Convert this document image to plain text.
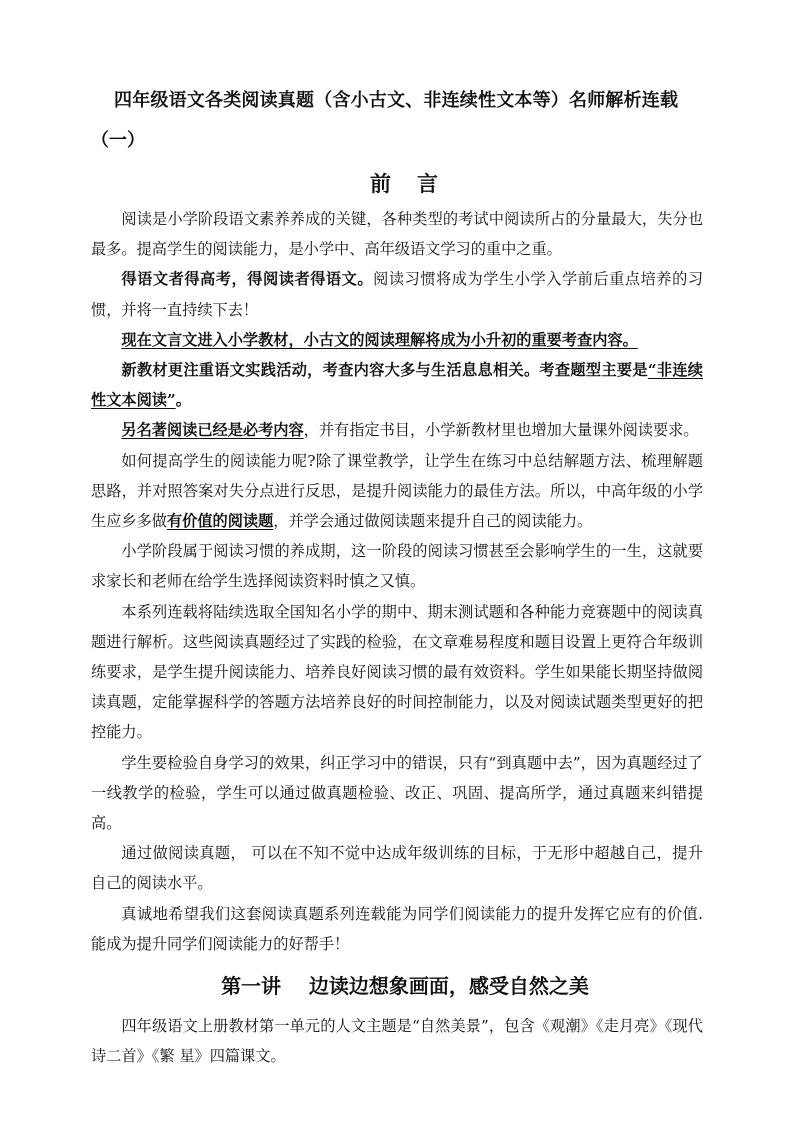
四年级语文各类阅读真题（含小古文、非连续性文本等）名师解析连载
（一）
前言

阅读是小学阶段语文素养养成的关键，各种类型的考试中阅读所占的分量最大，失分也最多。提高学生的阅读能力，是小学中、高年级语文学习的重中之重。

得语文者得高考，得阅读者得语文。阅读习惯将成为学生小学入学前后重点培养的习惯，并将一直持续下去！

现在文言文进入小学教材，小古文的阅读理解将成为小升初的重要考查内容。

新教材更注重语文实践活动，考查内容大多与生活息息相关。考查题型主要是“非连续性文本阅读”。

另名著阅读已经是必考内容，并有指定书目，小学新教材里也增加大量课外阅读要求。

如何提高学生的阅读能力呢?除了课堂教学，让学生在练习中总结解题方法、梳理解题思路，并对照答案对失分点进行反思，是提升阅读能力的最佳方法。所以，中高年级的小学生应乡多做有价值的阅读题，并学会通过做阅读题来提升自己的阅读能力。

小学阶段属于阅读习惯的养成期，这一阶段的阅读习惯甚至会影响学生的一生，这就要求家长和老师在给学生选择阅读资料时慎之又慎。

本系列连载将陆续选取全国知名小学的期中、期末测试题和各种能力竞赛题中的阅读真题进行解析。这些阅读真题经过了实践的检验，在文章难易程度和题目设置上更符合年级训练要求，是学生提升阅读能力、培养良好阅读习惯的最有效资料。学生如果能长期坚持做阅读真题，定能掌握科学的答题方法培养良好的时间控制能力，以及对阅读试题类型更好的把控能力。

学生要检验自身学习的效果，纠正学习中的错误，只有“到真题中去”，因为真题经过了一线教学的检验，学生可以通过做真题检验、改正、巩固、提高所学，通过真题来纠错提高。

通过做阅读真题， 可以在不知不觉中达成年级训练的目标，于无形中超越自己，提升自己的阅读水平。

真诚地希望我们这套阅读真题系列连载能为同学们阅读能力的提升发挥它应有的价值.能成为提升同学们阅读能力的好帮手！

第一讲    边读边想象画面，感受自然之美

四年级语文上册教材第一单元的人文主题是“自然美景”，包含《观潮》《走月亮》《现代诗二首》《繁 星》四篇课文。
